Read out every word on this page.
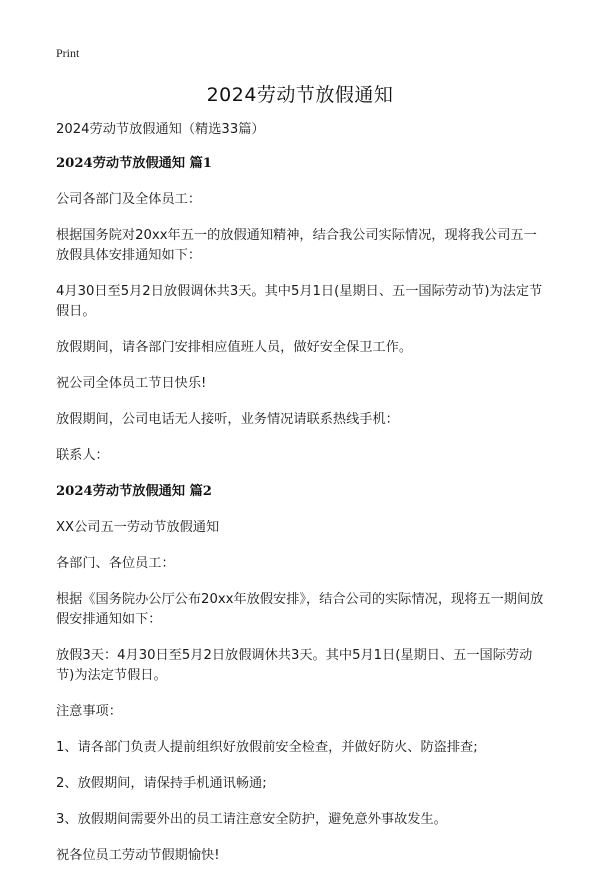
Print
2024劳动节放假通知

2024劳动节放假通知（精选33篇）

2024劳动节放假通知 篇1

公司各部门及全体员工：

根据国务院对20xx年五一的放假通知精神，结合我公司实际情况，现将我公司五一放假具体安排通知如下：

4月30日至5月2日放假调休共3天。其中5月1日(星期日、五一国际劳动节)为法定节假日。

放假期间，请各部门安排相应值班人员，做好安全保卫工作。

祝公司全体员工节日快乐!

放假期间，公司电话无人接听，业务情况请联系热线手机：

联系人：

2024劳动节放假通知 篇2

XX公司五一劳动节放假通知

各部门、各位员工：

根据《国务院办公厅公布20xx年放假安排》，结合公司的实际情况，现将五一期间放假安排通知如下：

放假3天：4月30日至5月2日放假调休共3天。其中5月1日(星期日、五一国际劳动节)为法定节假日。

注意事项：

1、请各部门负责人提前组织好放假前安全检查，并做好防火、防盗排查;

2、放假期间，请保持手机通讯畅通;

3、放假期间需要外出的员工请注意安全防护，避免意外事故发生。

祝各位员工劳动节假期愉快!
